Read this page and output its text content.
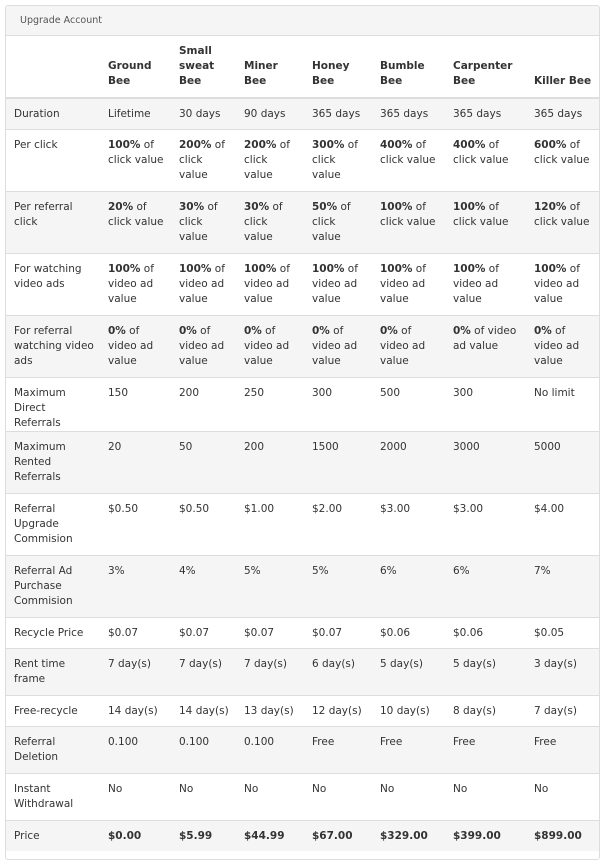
Upgrade Account
	Ground Bee	Small sweat Bee	Miner Bee	Honey Bee	Bumble Bee	Carpenter Bee	Killer Bee
Duration	Lifetime	30 days	90 days	365 days	365 days	365 days	365 days
Per click	100% of click value	200% of click value	200% of click value	300% of click value	400% of click value	400% of click value	600% of click value
Per referral click	20% of click value	30% of click value	30% of click value	50% of click value	100% of click value	100% of click value	120% of click value
For watching video ads	100% of video ad value	100% of video ad value	100% of video ad value	100% of video ad value	100% of video ad value	100% of video ad value	100% of video ad value
For referral watching video ads	0% of video ad value	0% of video ad value	0% of video ad value	0% of video ad value	0% of video ad value	0% of video ad value	0% of video ad value
Maximum Direct Referrals	150	200	250	300	500	300	No limit
Maximum Rented Referrals	20	50	200	1500	2000	3000	5000
Referral Upgrade Commision	$0.50	$0.50	$1.00	$2.00	$3.00	$3.00	$4.00
Referral Ad Purchase Commision	3%	4%	5%	5%	6%	6%	7%
Recycle Price	$0.07	$0.07	$0.07	$0.07	$0.06	$0.06	$0.05
Rent time frame	7 day(s)	7 day(s)	7 day(s)	6 day(s)	5 day(s)	5 day(s)	3 day(s)
Free-recycle	14 day(s)	14 day(s)	13 day(s)	12 day(s)	10 day(s)	8 day(s)	7 day(s)
Referral Deletion	0.100	0.100	0.100	Free	Free	Free	Free
Instant Withdrawal	No	No	No	No	No	No	No
Price	$0.00	$5.99	$44.99	$67.00	$329.00	$399.00	$899.00
